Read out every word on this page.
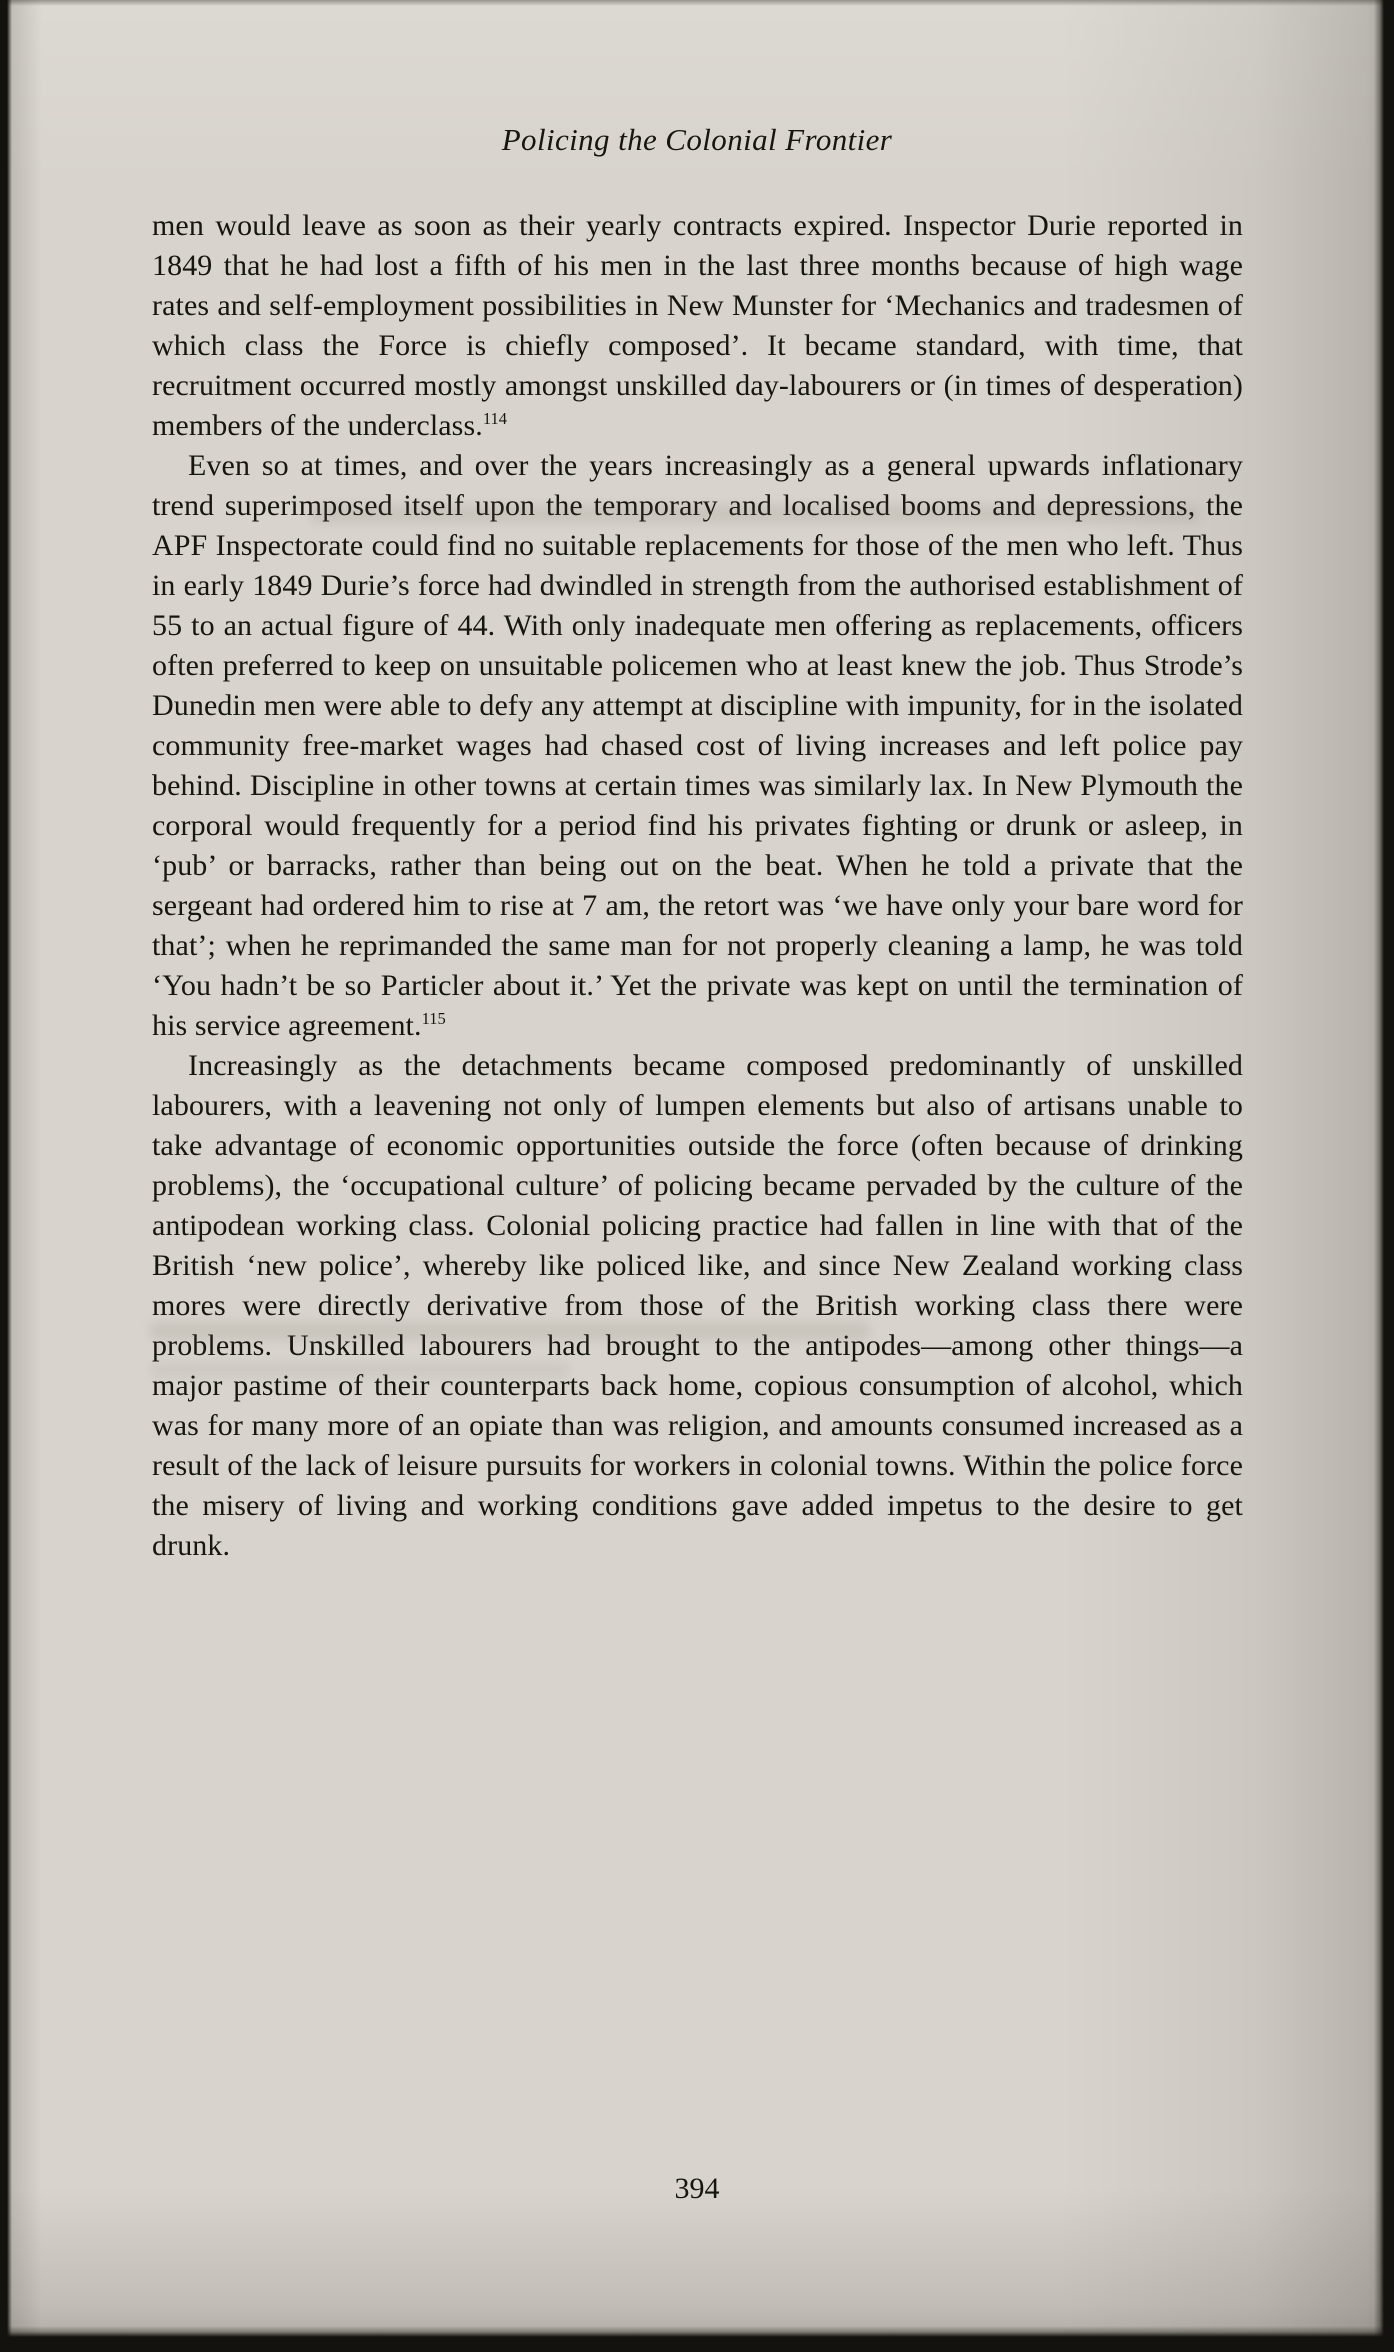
Policing the Colonial Frontier

men would leave as soon as their yearly contracts expired. Inspector Durie reported in 1849 that he had lost a fifth of his men in the last three months because of high wage rates and self-employment possibilities in New Munster for ‘Mechanics and tradesmen of which class the Force is chiefly composed’. It became standard, with time, that recruitment occurred mostly amongst unskilled day-labourers or (in times of desperation) members of the underclass.$^{114}$

Even so at times, and over the years increasingly as a general upwards inflationary trend superimposed itself upon the temporary and localised booms and depressions, the APF Inspectorate could find no suitable replacements for those of the men who left. Thus in early 1849 Durie’s force had dwindled in strength from the authorised establishment of 55 to an actual figure of 44. With only inadequate men offering as replacements, officers often preferred to keep on unsuitable policemen who at least knew the job. Thus Strode’s Dunedin men were able to defy any attempt at discipline with impunity, for in the isolated community free-market wages had chased cost of living increases and left police pay behind. Discipline in other towns at certain times was similarly lax. In New Plymouth the corporal would frequently for a period find his privates fighting or drunk or asleep, in ‘pub’ or barracks, rather than being out on the beat. When he told a private that the sergeant had ordered him to rise at 7 am, the retort was ‘we have only your bare word for that’; when he reprimanded the same man for not properly cleaning a lamp, he was told ‘You hadn’t be so Particler about it.’ Yet the private was kept on until the termination of his service agreement.$^{115}$

Increasingly as the detachments became composed predominantly of unskilled labourers, with a leavening not only of lumpen elements but also of artisans unable to take advantage of economic opportunities outside the force (often because of drinking problems), the ‘occupational culture’ of policing became pervaded by the culture of the antipodean working class. Colonial policing practice had fallen in line with that of the British ‘new police’, whereby like policed like, and since New Zealand working class mores were directly derivative from those of the British working class there were problems. Unskilled labourers had brought to the antipodes—among other things—a major pastime of their counterparts back home, copious consumption of alcohol, which was for many more of an opiate than was religion, and amounts consumed increased as a result of the lack of leisure pursuits for workers in colonial towns. Within the police force the misery of living and working conditions gave added impetus to the desire to get drunk.

394
